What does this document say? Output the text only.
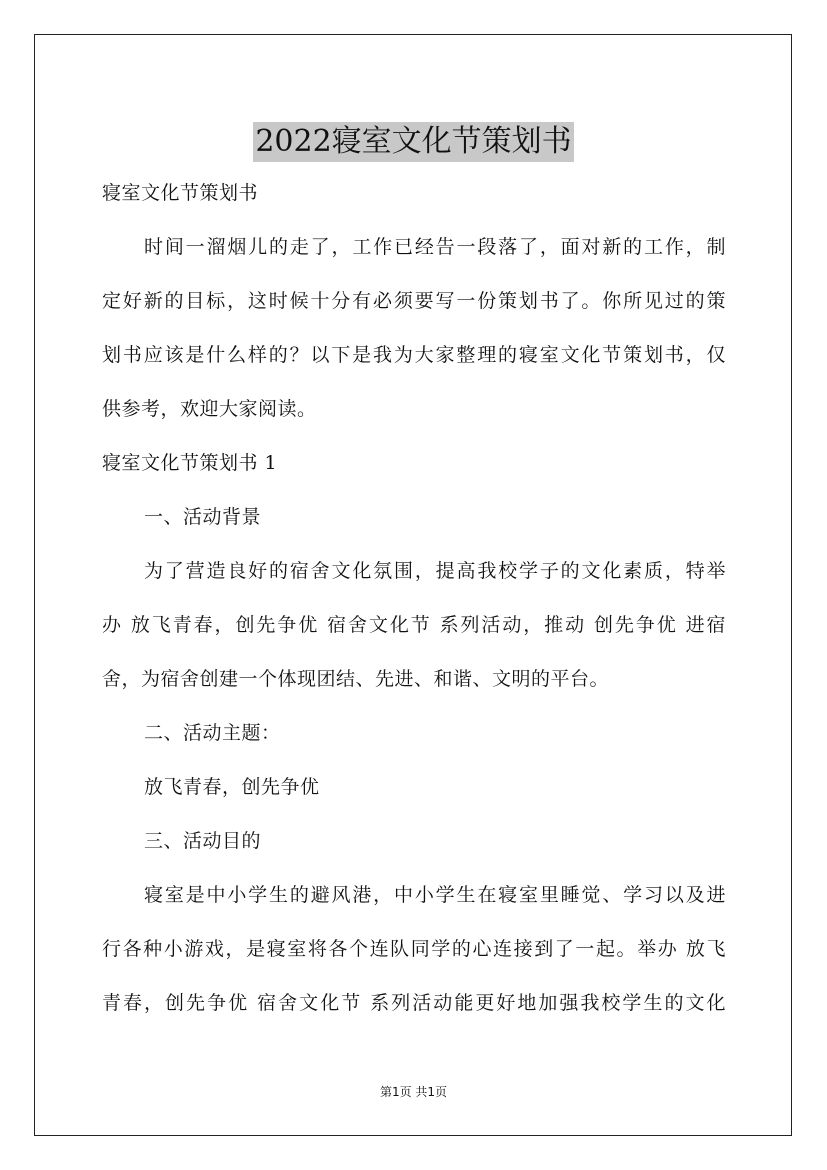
2022寝室文化节策划书

寝室文化节策划书

时间一溜烟儿的走了，工作已经告一段落了，面对新的工作，制

定好新的目标，这时候十分有必须要写一份策划书了。你所见过的策

划书应该是什么样的？以下是我为大家整理的寝室文化节策划书，仅

供参考，欢迎大家阅读。

寝室文化节策划书 1

一、活动背景

为了营造良好的宿舍文化氛围，提高我校学子的文化素质，特举

办 放飞青春，创先争优 宿舍文化节 系列活动，推动 创先争优 进宿

舍，为宿舍创建一个体现团结、先进、和谐、文明的平台。

二、活动主题：

放飞青春，创先争优

三、活动目的

寝室是中小学生的避风港，中小学生在寝室里睡觉、学习以及进

行各种小游戏，是寝室将各个连队同学的心连接到了一起。举办 放飞

青春，创先争优 宿舍文化节 系列活动能更好地加强我校学生的文化

第1页 共1页
